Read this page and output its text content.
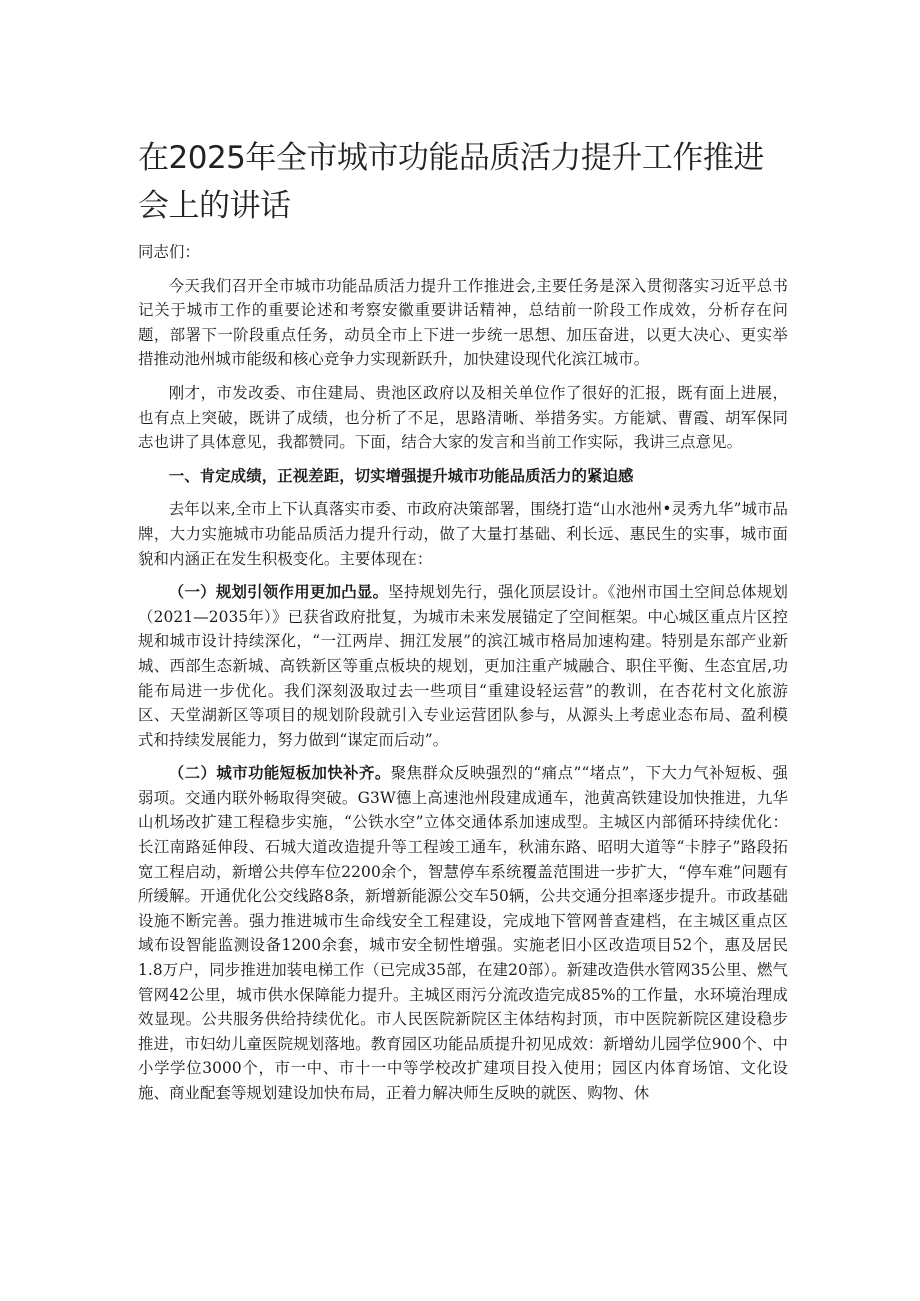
在2025年全市城市功能品质活力提升工作推进会上的讲话

同志们：

今天我们召开全市城市功能品质活力提升工作推进会,主要任务是深入贯彻落实习近平总书记关于城市工作的重要论述和考察安徽重要讲话精神，总结前一阶段工作成效，分析存在问题，部署下一阶段重点任务，动员全市上下进一步统一思想、加压奋进，以更大决心、更实举措推动池州城市能级和核心竞争力实现新跃升，加快建设现代化滨江城市。

刚才，市发改委、市住建局、贵池区政府以及相关单位作了很好的汇报，既有面上进展，也有点上突破，既讲了成绩，也分析了不足，思路清晰、举措务实。方能斌、曹霞、胡军保同志也讲了具体意见，我都赞同。下面，结合大家的发言和当前工作实际，我讲三点意见。

一、肯定成绩，正视差距，切实增强提升城市功能品质活力的紧迫感

去年以来,全市上下认真落实市委、市政府决策部署，围绕打造“山水池州•灵秀九华”城市品牌，大力实施城市功能品质活力提升行动，做了大量打基础、利长远、惠民生的实事，城市面貌和内涵正在发生积极变化。主要体现在：

（一）规划引领作用更加凸显。坚持规划先行，强化顶层设计。《池州市国土空间总体规划（2021—2035年）》已获省政府批复，为城市未来发展锚定了空间框架。中心城区重点片区控规和城市设计持续深化，“一江两岸、拥江发展”的滨江城市格局加速构建。特别是东部产业新城、西部生态新城、高铁新区等重点板块的规划，更加注重产城融合、职住平衡、生态宜居,功能布局进一步优化。我们深刻汲取过去一些项目“重建设轻运营”的教训，在杏花村文化旅游区、天堂湖新区等项目的规划阶段就引入专业运营团队参与，从源头上考虑业态布局、盈利模式和持续发展能力，努力做到“谋定而后动”。

（二）城市功能短板加快补齐。聚焦群众反映强烈的“痛点”“堵点”，下大力气补短板、强弱项。交通内联外畅取得突破。G3W德上高速池州段建成通车，池黄高铁建设加快推进，九华山机场改扩建工程稳步实施，“公铁水空”立体交通体系加速成型。主城区内部循环持续优化：长江南路延伸段、石城大道改造提升等工程竣工通车，秋浦东路、昭明大道等“卡脖子”路段拓宽工程启动，新增公共停车位2200余个，智慧停车系统覆盖范围进一步扩大，“停车难”问题有所缓解。开通优化公交线路8条，新增新能源公交车50辆，公共交通分担率逐步提升。市政基础设施不断完善。强力推进城市生命线安全工程建设，完成地下管网普查建档，在主城区重点区域布设智能监测设备1200余套，城市安全韧性增强。实施老旧小区改造项目52个，惠及居民1.8万户，同步推进加装电梯工作（已完成35部，在建20部）。新建改造供水管网35公里、燃气管网42公里，城市供水保障能力提升。主城区雨污分流改造完成85%的工作量，水环境治理成效显现。公共服务供给持续优化。市人民医院新院区主体结构封顶，市中医院新院区建设稳步推进，市妇幼儿童医院规划落地。教育园区功能品质提升初见成效：新增幼儿园学位900个、中小学学位3000个，市一中、市十一中等学校改扩建项目投入使用；园区内体育场馆、文化设施、商业配套等规划建设加快布局，正着力解决师生反映的就医、购物、休
